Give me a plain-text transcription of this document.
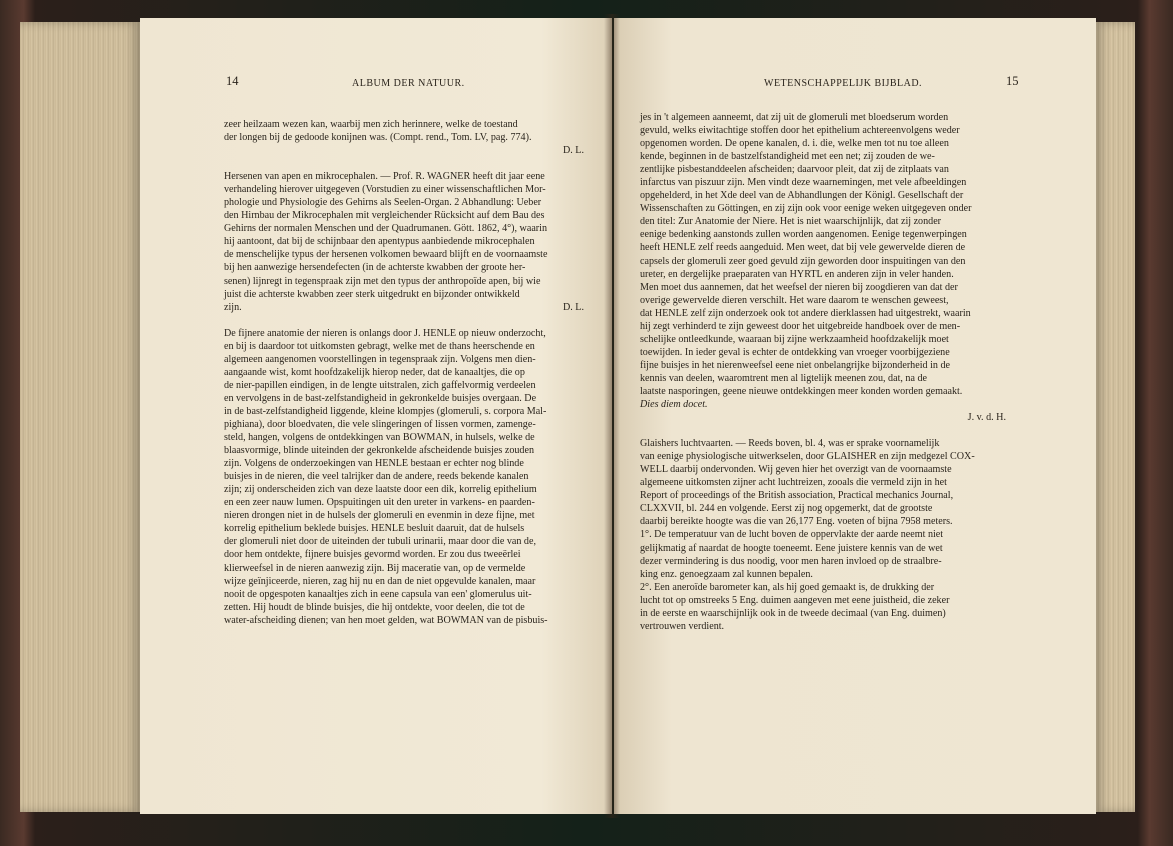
14	ALBUM DER NATUUR.

zeer heilzaam wezen kan, waarbij men zich herinnere, welke de toestand

der longen bij de gedoode konijnen was. (Compt. rend., Tom. LV, pag. 774).

D. L.

Hersenen van apen en mikrocephalen. — Prof. R. WAGNER heeft dit jaar eene

verhandeling hierover uitgegeven (Vorstudien zu einer wissenschaftlichen Mor-

phologie und Physiologie des Gehirns als Seelen-Organ. 2 Abhandlung: Ueber

den Hirnbau der Mikrocephalen mit vergleichender Rücksicht auf dem Bau des

Gehirns der normalen Menschen und der Quadrumanen. Gött. 1862, 4°), waarin

hij aantoont, dat bij de schijnbaar den apentypus aanbiedende mikrocephalen

de menschelijke typus der hersenen volkomen bewaard blijft en de voornaamste

bij hen aanwezige hersendefecten (in de achterste kwabben der groote her-

senen) lijnregt in tegenspraak zijn met den typus der anthropoïde apen, bij wie

juist die achterste kwabben zeer sterk uitgedrukt en bijzonder ontwikkeld

zijn.	D. L.

De fijnere anatomie der nieren is onlangs door J. HENLE op nieuw onderzocht,

en bij is daardoor tot uitkomsten gebragt, welke met de thans heerschende en

algemeen aangenomen voorstellingen in tegenspraak zijn. Volgens men dien-

aangaande wist, komt hoofdzakelijk hierop neder, dat de kanaaltjes, die op

de nier-papillen eindigen, in de lengte uitstralen, zich gaffelvormig verdeelen

en vervolgens in de bast-zelfstandigheid in gekronkelde buisjes overgaan. De

in de bast-zelfstandigheid liggende, kleine klompjes (glomeruli, s. corpora Mal-

pighiana), door bloedvaten, die vele slingeringen of lissen vormen, zamenge-

steld, hangen, volgens de ontdekkingen van BOWMAN, in hulsels, welke de

blaasvormige, blinde uiteinden der gekronkelde afscheidende buisjes zouden

zijn. Volgens de onderzoekingen van HENLE bestaan er echter nog blinde

buisjes in de nieren, die veel talrijker dan de andere, reeds bekende kanalen

zijn; zij onderscheiden zich van deze laatste door een dik, korrelig epithelium

en een zeer nauw lumen. Opspuitingen uit den ureter in varkens- en paarden-

nieren drongen niet in de hulsels der glomeruli en evenmin in deze fijne, met

korrelig epithelium beklede buisjes. HENLE besluit daaruit, dat de hulsels

der glomeruli niet door de uiteinden der tubuli urinarii, maar door die van de,

door hem ontdekte, fijnere buisjes gevormd worden. Er zou dus tweeërlei

klierweefsel in de nieren aanwezig zijn. Bij maceratie van, op de vermelde

wijze geïnjiceerde, nieren, zag hij nu en dan de niet opgevulde kanalen, maar

nooit de opgespoten kanaaltjes zich in eene capsula van een' glomerulus uit-

zetten. Hij houdt de blinde buisjes, die hij ontdekte, voor deelen, die tot de

water-afscheiding dienen; van hen moet gelden, wat BOWMAN van de pisbuis-

WETENSCHAPPELIJK BIJBLAD.	15

jes in 't algemeen aanneemt, dat zij uit de glomeruli met bloedserum worden

gevuld, welks eiwitachtige stoffen door het epithelium achtereenvolgens weder

opgenomen worden. De opene kanalen, d. i. die, welke men tot nu toe alleen

kende, beginnen in de bastzelfstandigheid met een net; zij zouden de we-

zentlijke pisbestanddeelen afscheiden; daarvoor pleit, dat zij de zitplaats van

infarctus van piszuur zijn. Men vindt deze waarnemingen, met vele afbeeldingen

opgehelderd, in het Xde deel van de Abhandlungen der Königl. Gesellschaft der

Wissenschaften zu Göttingen, en zij zijn ook voor eenige weken uitgegeven onder

den titel: Zur Anatomie der Niere. Het is niet waarschijnlijk, dat zij zonder

eenige bedenking aanstonds zullen worden aangenomen. Eenige tegenwerpingen

heeft HENLE zelf reeds aangeduid. Men weet, dat bij vele gewervelde dieren de

capsels der glomeruli zeer goed gevuld zijn geworden door inspuitingen van den

ureter, en dergelijke praeparaten van HYRTL en anderen zijn in veler handen.

Men moet dus aannemen, dat het weefsel der nieren bij zoogdieren van dat der

overige gewervelde dieren verschilt. Het ware daarom te wenschen geweest,

dat HENLE zelf zijn onderzoek ook tot andere dierklassen had uitgestrekt, waarin

hij zegt verhinderd te zijn geweest door het uitgebreide handboek over de men-

schelijke ontleedkunde, waaraan bij zijne werkzaamheid hoofdzakelijk moet

toewijden. In ieder geval is echter de ontdekking van vroeger voorbijgeziene

fijne buisjes in het nierenweefsel eene niet onbelangrijke bijzonderheid in de

kennis van deelen, waaromtrent men al ligtelijk meenen zou, dat, na de

laatste nasporingen, geene nieuwe ontdekkingen meer konden worden gemaakt.

Dies diem docet.

J. v. d. H.

Glaishers luchtvaarten. — Reeds boven, bl. 4, was er sprake voornamelijk

van eenige physiologische uitwerkselen, door GLAISHER en zijn medgezel COX-

WELL daarbij ondervonden. Wij geven hier het overzigt van de voornaamste

algemeene uitkomsten zijner acht luchtreizen, zooals die vermeld zijn in het

Report of proceedings of the British association, Practical mechanics Journal,

CLXXVII, bl. 244 en volgende. Eerst zij nog opgemerkt, dat de grootste

daarbij bereikte hoogte was die van 26,177 Eng. voeten of bijna 7958 meters.

1°. De temperatuur van de lucht boven de oppervlakte der aarde neemt niet

gelijkmatig af naardat de hoogte toeneemt. Eene juistere kennis van de wet

dezer vermindering is dus noodig, voor men haren invloed op de straalbre-

king enz. genoegzaam zal kunnen bepalen.

2°. Een aneroïde barometer kan, als hij goed gemaakt is, de drukking der

lucht tot op omstreeks 5 Eng. duimen aangeven met eene juistheid, die zeker

in de eerste en waarschijnlijk ook in de tweede decimaal (van Eng. duimen)

vertrouwen verdient.
